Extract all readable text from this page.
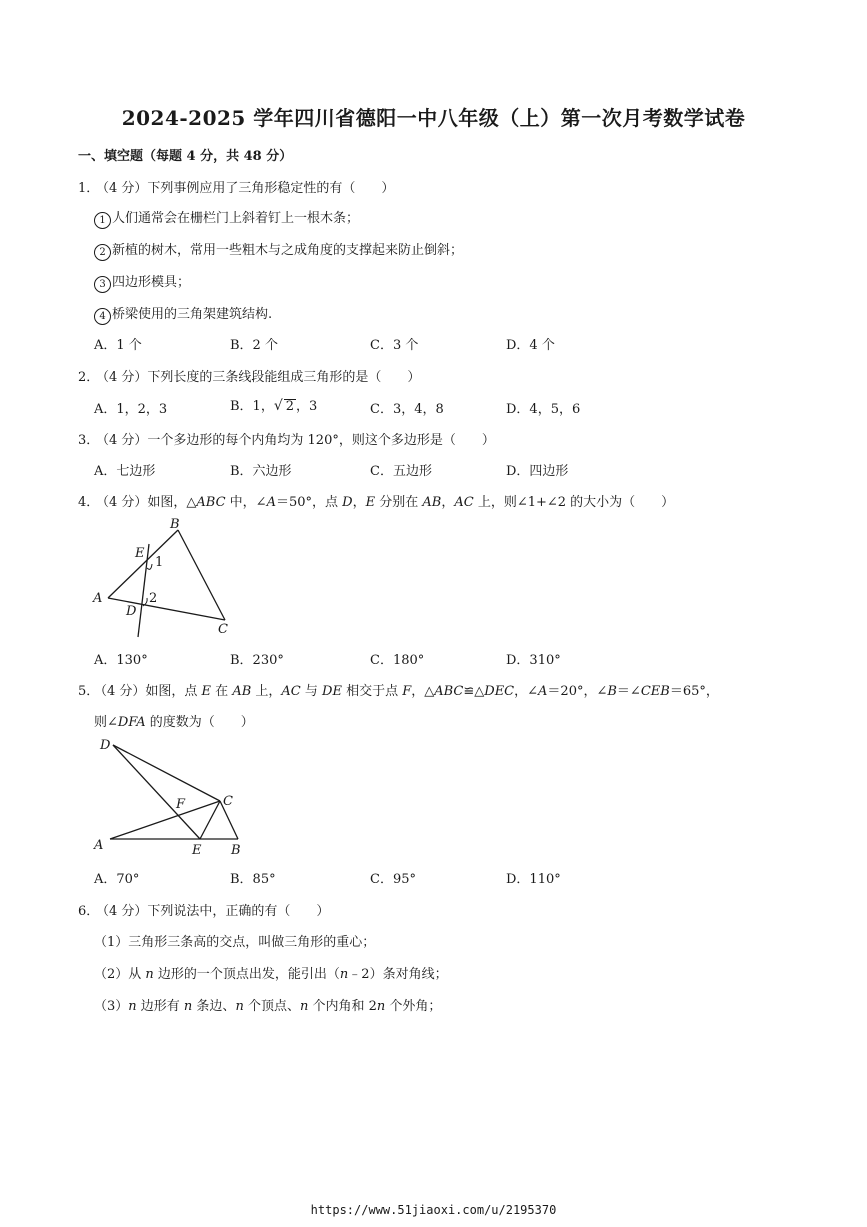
2024-2025 学年四川省德阳一中八年级（上）第一次月考数学试卷
一、填空题（每题 4 分，共 48 分）
1．
（4 分）下列事例应用了三角形稳定性的有（　　）
1 人们通常会在栅栏门上斜着钉上一根木条；
2 新植的树木，常用一些粗木与之成角度的支撑起来防止倒斜；
3 四边形模具；
4 桥梁使用的三角架建筑结构.
A．1 个	B．2 个	C．3 个	D．4 个
2．
（4 分）下列长度的三条线段能组成三角形的是（　　）
A．1，2，3	B．1，√ 2 ，3	C．3，4，8	D．4，5，6
3．
（4 分）一个多边形的每个内角均为 120°，则这个多边形是（　　）
A．七边形	B．六边形	C．五边形	D．四边形
4．
（4 分）如图，△ABC 中，∠A＝50°，点 D，E 分别在 AB，AC 上，则∠1+∠2 的大小为（　　）
A
B
C
D
E
1
2
A．130°	B．230°	C．180°	D．310°
5．
（4 分）如图，点 E 在 AB 上，AC 与 DE 相交于点 F，△ABC≌△DEC，∠A＝20°，∠B＝∠CEB＝65°，
则∠DFA 的度数为（　　）
D
C
F
A	E B
A．70°	B．85°	C．95°	D．110°
6．
（4 分）下列说法中，正确的有（　　）
（1）三角形三条高的交点，叫做三角形的重心；
（2）从 n 边形的一个顶点出发，能引出（n﹣2）条对角线；
（3）n 边形有 n 条边、n 个顶点、n 个内角和 2n 个外角；
https://www.51jiaoxi.com/u/2195370
